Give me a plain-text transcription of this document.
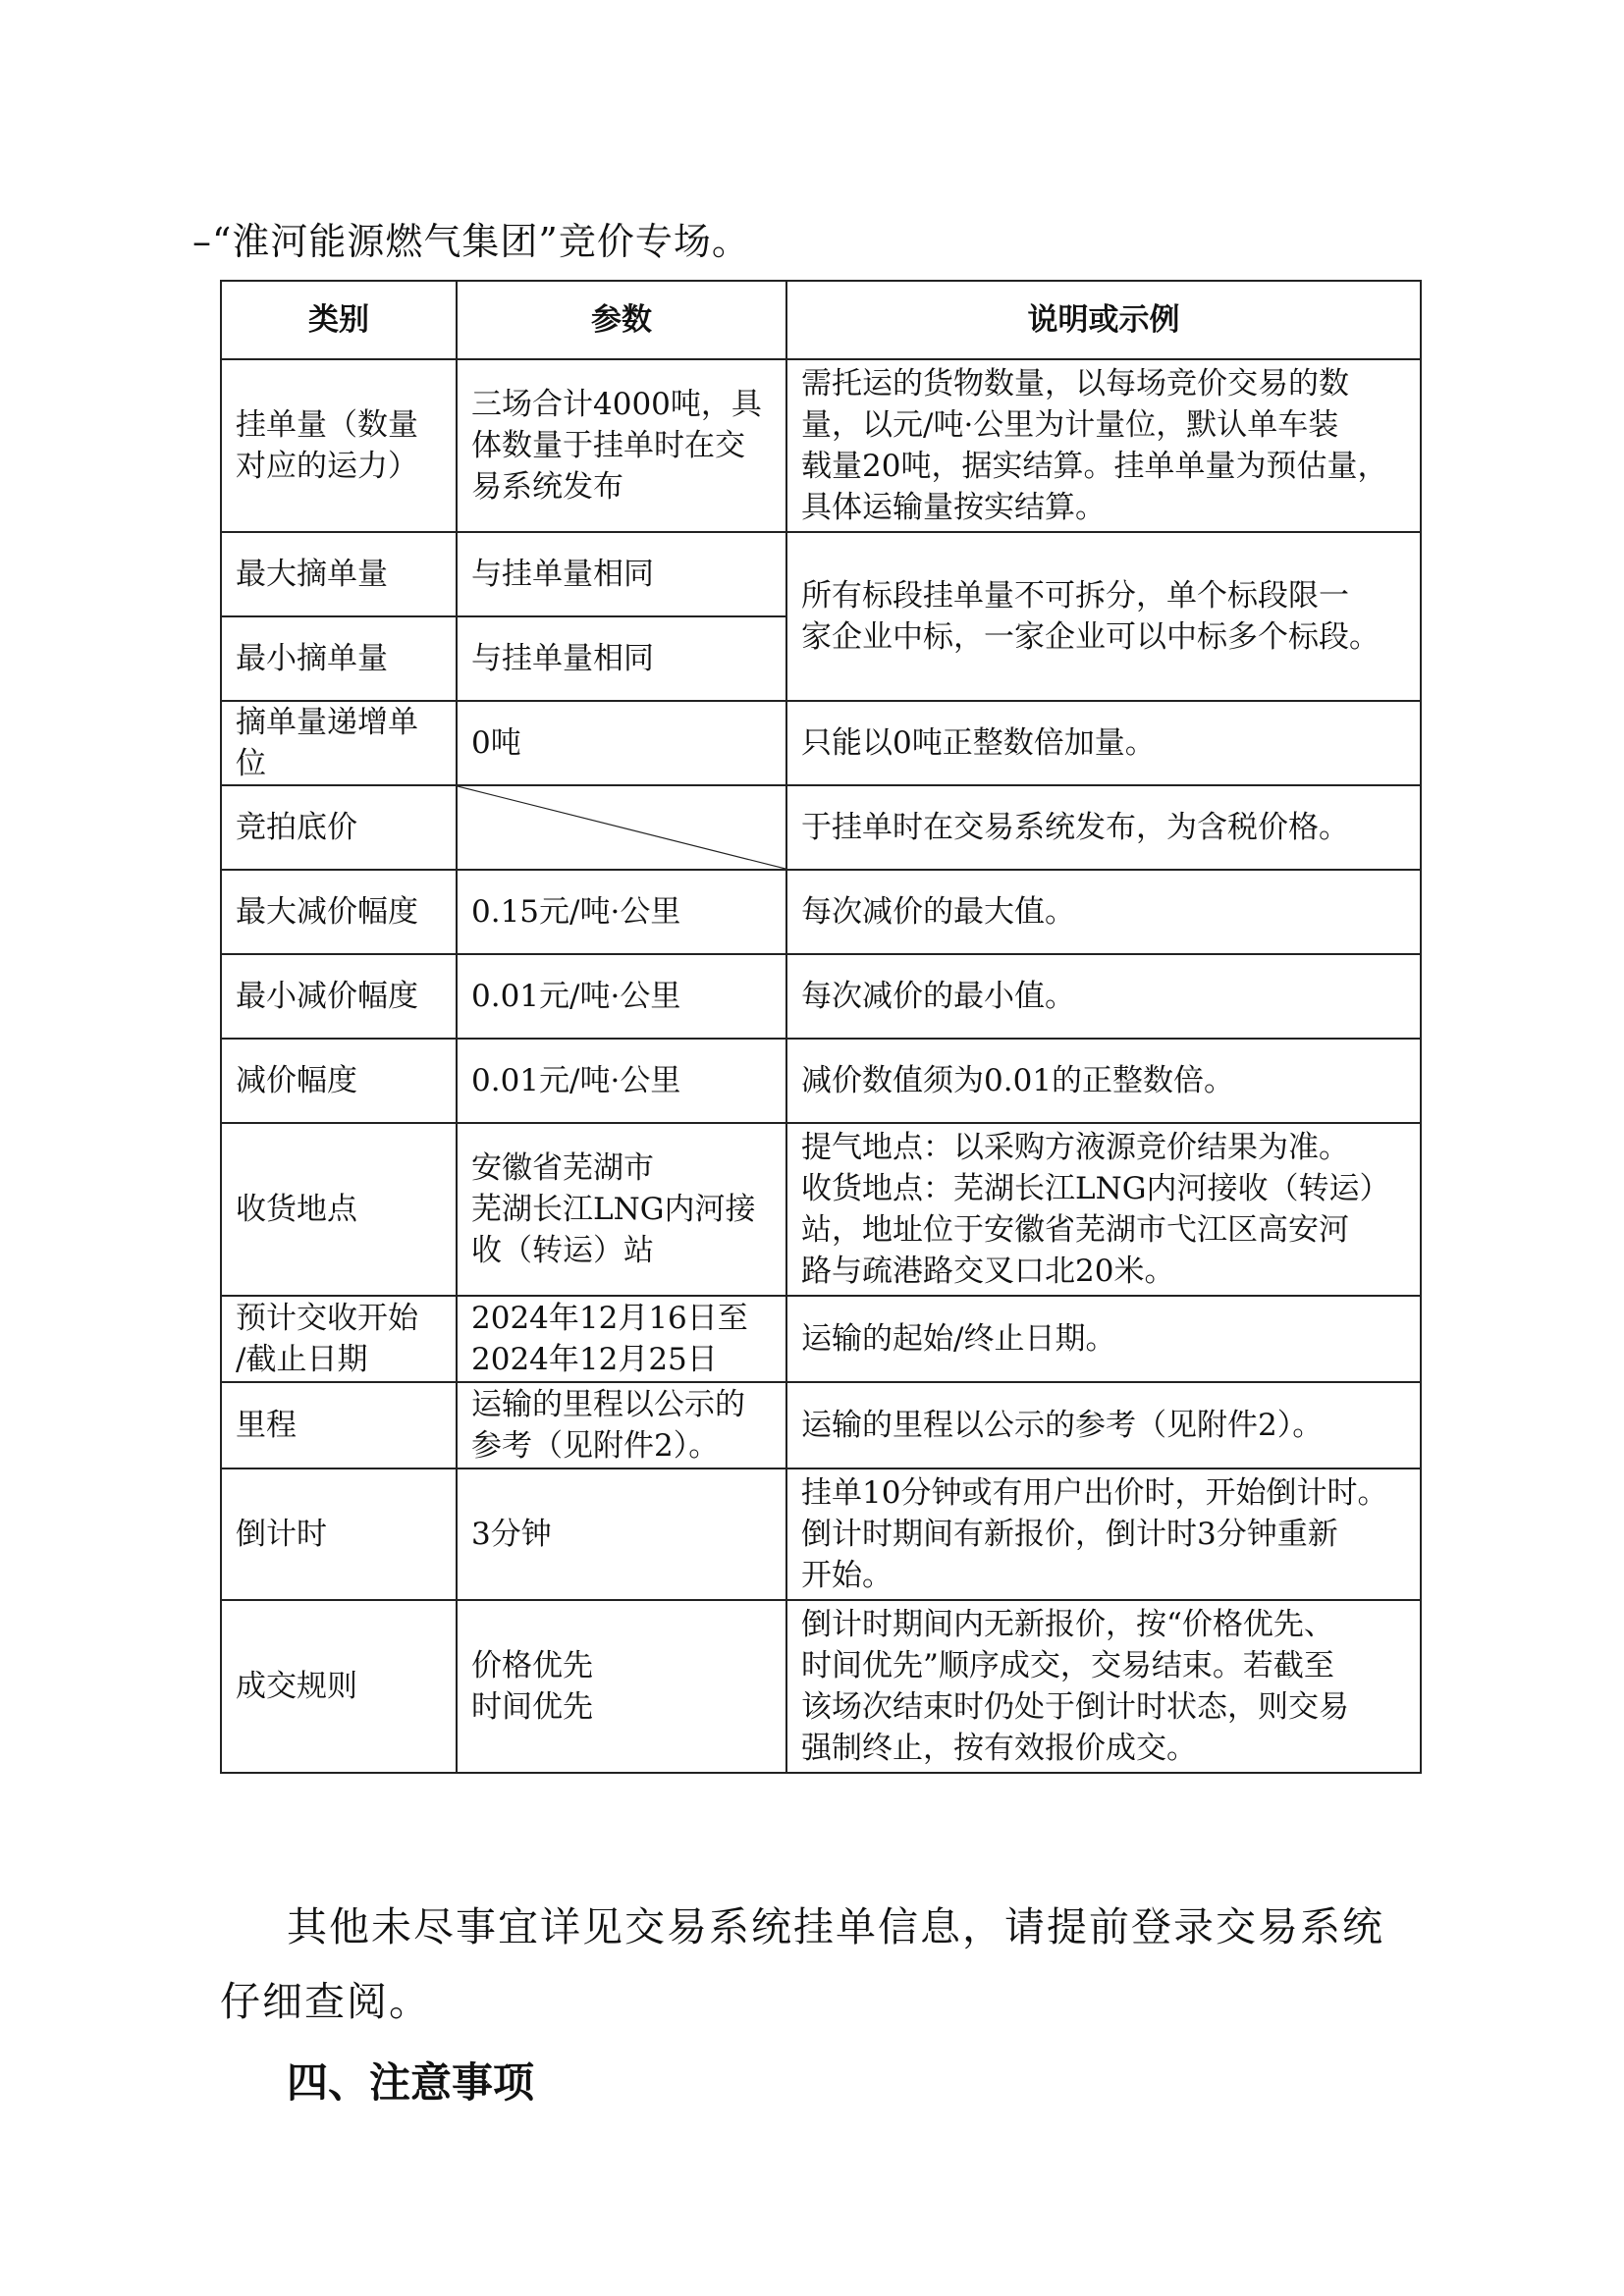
–“淮河能源燃气集团”竞价专场。
类别	参数	说明或示例

挂单量（数量
对应的运力）	三场合计4000吨，具
体数量于挂单时在交
易系统发布	需托运的货物数量，以每场竞价交易的数
量，以元/吨·公里为计量位，默认单车装
载量20吨，据实结算。挂单单量为预估量，
具体运输量按实结算。

最大摘单量	与挂单量相同	所有标段挂单量不可拆分，单个标段限一
家企业中标，一家企业可以中标多个标段。

最小摘单量	与挂单量相同	

摘单量递增单
位	0吨	只能以0吨正整数倍加量。

竞拍底价		于挂单时在交易系统发布，为含税价格。

最大减价幅度	0.15元/吨·公里	每次减价的最大值。

最小减价幅度	0.01元/吨·公里	每次减价的最小值。

减价幅度	0.01元/吨·公里	减价数值须为0.01的正整数倍。

收货地点	安徽省芜湖市
芜湖长江LNG内河接
收（转运）站	提气地点：以采购方液源竞价结果为准。
收货地点：芜湖长江LNG内河接收（转运）
站，地址位于安徽省芜湖市弋江区高安河
路与疏港路交叉口北20米。

预计交收开始
/截止日期	2024年12月16日至
2024年12月25日	运输的起始/终止日期。

里程	运输的里程以公示的
参考（见附件2）。	运输的里程以公示的参考（见附件2）。

倒计时	3分钟	挂单10分钟或有用户出价时，开始倒计时。
倒计时期间有新报价，倒计时3分钟重新
开始。

成交规则	价格优先
时间优先	倒计时期间内无新报价，按“价格优先、
时间优先”顺序成交，交易结束。若截至
该场次结束时仍处于倒计时状态，则交易
强制终止，按有效报价成交。
其他未尽事宜详见交易系统挂单信息，请提前登录交易系统
仔细查阅。
四、注意事项
